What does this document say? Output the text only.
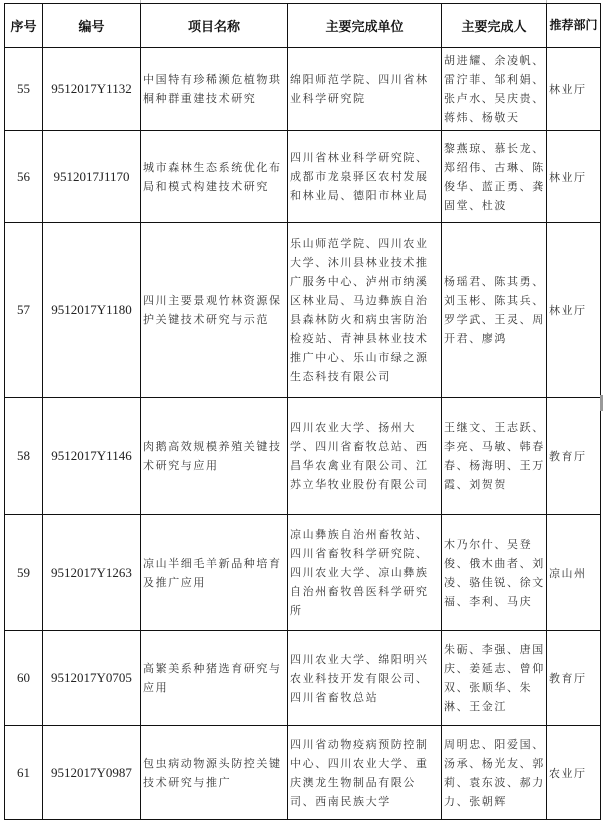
序号	编号	项目名称	主要完成单位	主要完成人	推荐部门
55	9512017Y1132	中国特有珍稀濒危植物珙桐种群重建技术研究	绵阳师范学院、四川省林业科学研究院	胡进耀、余凌帆、雷泞菲、邹利娟、张卢水、吴庆贵、蒋炜、杨敬天	林业厅
56	9512017J1170	城市森林生态系统优化布局和模式构建技术研究	四川省林业科学研究院、成都市龙泉驿区农村发展和林业局、德阳市林业局	黎燕琼、慕长龙、郑绍伟、古琳、陈俊华、蓝正勇、龚固堂、杜波	林业厅
57	9512017Y1180	四川主要景观竹林资源保护关键技术研究与示范	乐山师范学院、四川农业大学、沐川县林业技术推广服务中心、泸州市纳溪区林业局、马边彝族自治县森林防火和病虫害防治检疫站、青神县林业技术推广中心、乐山市绿之源生态科技有限公司	杨瑶君、陈其勇、刘玉彬、陈其兵、罗学武、王灵、周开君、廖鸿	林业厅
58	9512017Y1146	肉鹅高效规模养殖关键技术研究与应用	四川农业大学、扬州大学、四川省畜牧总站、西昌华农禽业有限公司、江苏立华牧业股份有限公司	王继文、王志跃、李亮、马敏、韩春春、杨海明、王万霞、刘贺贺	教育厅
59	9512017Y1263	凉山半细毛羊新品种培育及推广应用	凉山彝族自治州畜牧站、四川省畜牧科学研究院、四川农业大学、凉山彝族自治州畜牧兽医科学研究所	木乃尔什、吴登俊、俄木曲者、刘凌、骆佳锐、徐文福、李利、马庆	凉山州
60	9512017Y0705	高繁美系种猪选育研究与应用	四川农业大学、绵阳明兴农业科技开发有限公司、四川省畜牧总站	朱砺、李强、唐国庆、姜延志、曾仰双、张顺华、朱淋、王金江	教育厅
61	9512017Y0987	包虫病动物源头防控关键技术研究与推广	四川省动物疫病预防控制中心、四川农业大学、重庆澳龙生物制品有限公司、西南民族大学	周明忠、阳爱国、汤承、杨光友、郭莉、袁东波、郝力力、张朝辉	农业厅
